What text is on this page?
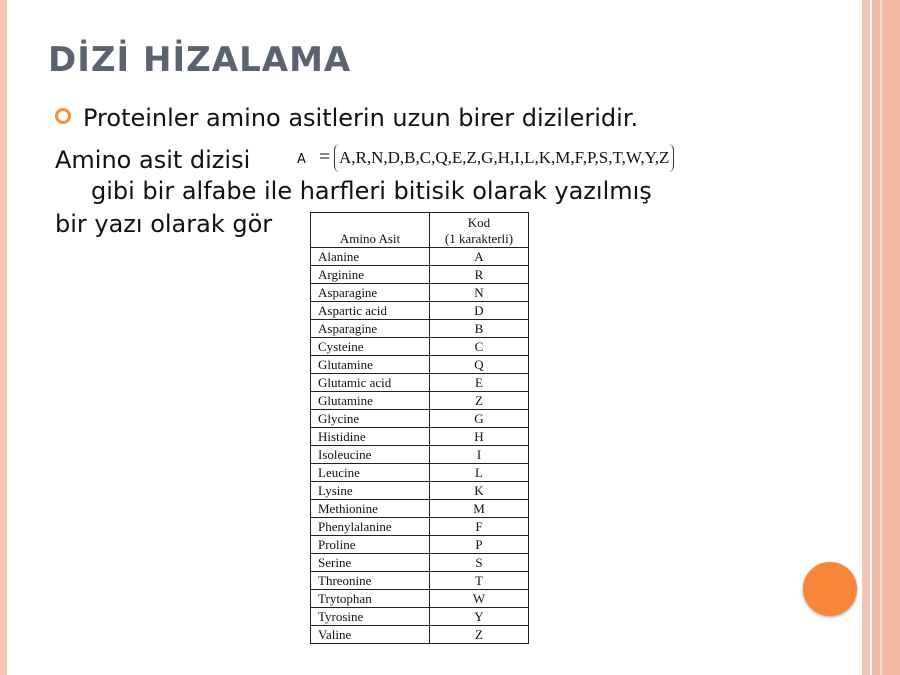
DİZİ HİZALAMA
Proteinler amino asitlerin uzun birer dizileridir.
Amino asit dizisi
gibi bir alfabe ile harfleri bitisik olarak yazılmış
bir yazı olarak gör
A = A,R,N,D,B,C,Q,E,Z,G,H,I,L,K,M,F,P,S,T,W,Y,Z
Amino Asit	Kod
(1 karakterli)

Alanine	A
Arginine	R
Asparagine	N
Aspartic acid	D
Asparagine	B
Cysteine	C
Glutamine	Q
Glutamic acid	E
Glutamine	Z
Glycine	G
Histidine	H
Isoleucine	I
Leucine	L
Lysine	K
Methionine	M
Phenylalanine	F
Proline	P
Serine	S
Threonine	T
Trytophan	W
Tyrosine	Y
Valine	Z
